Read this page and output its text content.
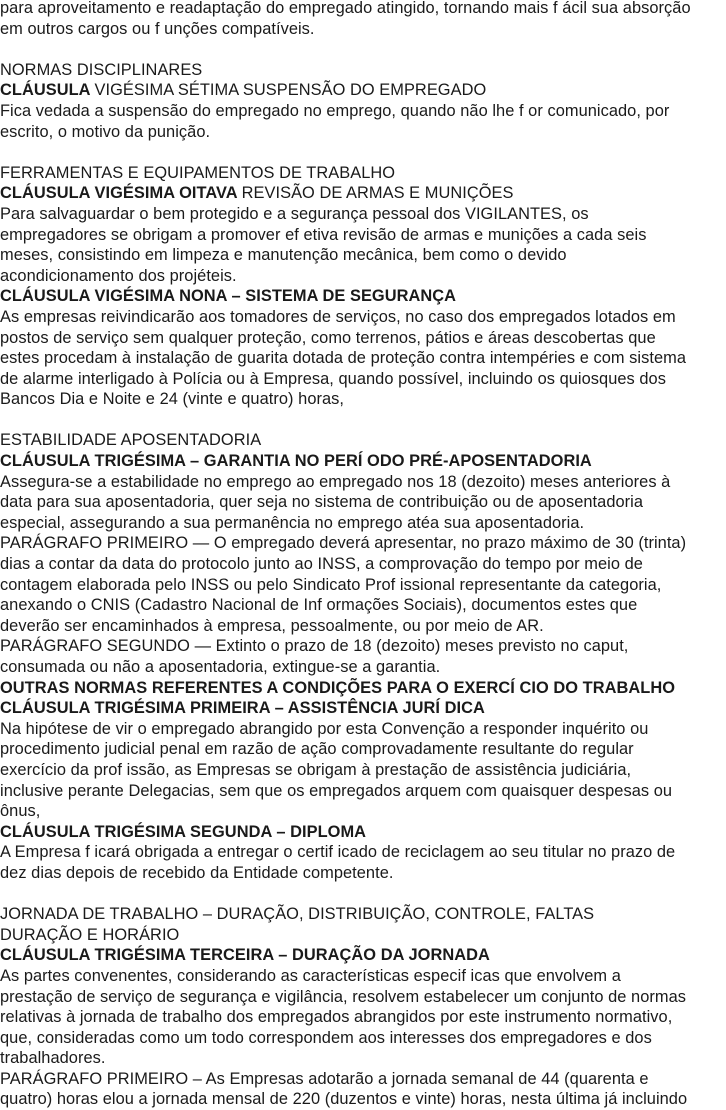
para aproveitamento e readaptação do empregado atingido, tornando mais f ácil sua absorção
em outros cargos ou f unções compatíveis.
NORMAS DISCIPLINARES
CLÁUSULA VIGÉSIMA SÉTIMA SUSPENSÃO DO EMPREGADO
Fica vedada a suspensão do empregado no emprego, quando não lhe f or comunicado, por
escrito, o motivo da punição.
FERRAMENTAS E EQUIPAMENTOS DE TRABALHO
CLÁUSULA VIGÉSIMA OITAVA REVISÃO DE ARMAS E MUNIÇÕES
Para salvaguardar o bem protegido e a segurança pessoal dos VIGILANTES, os
empregadores se obrigam a promover ef etiva revisão de armas e munições a cada seis
meses, consistindo em limpeza e manutenção mecânica, bem como o devido
acondicionamento dos projéteis.
CLÁUSULA VIGÉSIMA NONA – SISTEMA DE SEGURANÇA
As empresas reivindicarão aos tomadores de serviços, no caso dos empregados lotados em
postos de serviço sem qualquer proteção, como terrenos, pátios e áreas descobertas que
estes procedam à instalação de guarita dotada de proteção contra intempéries e com sistema
de alarme interligado à Polícia ou à Empresa, quando possível, incluindo os quiosques dos
Bancos Dia e Noite e 24 (vinte e quatro) horas,
ESTABILIDADE APOSENTADORIA
CLÁUSULA TRIGÉSIMA – GARANTIA NO PERÍ ODO PRÉ-APOSENTADORIA
Assegura-se a estabilidade no emprego ao empregado nos 18 (dezoito) meses anteriores à
data para sua aposentadoria, quer seja no sistema de contribuição ou de aposentadoria
especial, assegurando a sua permanência no emprego atéa sua aposentadoria.
PARÁGRAFO PRIMEIRO — O empregado deverá apresentar, no prazo máximo de 30 (trinta)
dias a contar da data do protocolo junto ao INSS, a comprovação do tempo por meio de
contagem elaborada pelo INSS ou pelo Sindicato Prof issional representante da categoria,
anexando o CNIS (Cadastro Nacional de Inf ormações Sociais), documentos estes que
deverão ser encaminhados à empresa, pessoalmente, ou por meio de AR.
PARÁGRAFO SEGUNDO — Extinto o prazo de 18 (dezoito) meses previsto no caput,
consumada ou não a aposentadoria, extingue-se a garantia.
OUTRAS NORMAS REFERENTES A CONDIÇÕES PARA O EXERCÍ CIO DO TRABALHO
CLÁUSULA TRIGÉSIMA PRIMEIRA – ASSISTÊNCIA JURÍ DICA
Na hipótese de vir o empregado abrangido por esta Convenção a responder inquérito ou
procedimento judicial penal em razão de ação comprovadamente resultante do regular
exercício da prof issão, as Empresas se obrigam à prestação de assistência judiciária,
inclusive perante Delegacias, sem que os empregados arquem com quaisquer despesas ou
ônus,
CLÁUSULA TRIGÉSIMA SEGUNDA – DIPLOMA
A Empresa f icará obrigada a entregar o certif icado de reciclagem ao seu titular no prazo de
dez dias depois de recebido da Entidade competente.
JORNADA DE TRABALHO – DURAÇÃO, DISTRIBUIÇÃO, CONTROLE, FALTAS
DURAÇÃO E HORÁRIO
CLÁUSULA TRIGÉSIMA TERCEIRA – DURAÇÃO DA JORNADA
As partes convenentes, considerando as características especif icas que envolvem a
prestação de serviço de segurança e vigilância, resolvem estabelecer um conjunto de normas
relativas à jornada de trabalho dos empregados abrangidos por este instrumento normativo,
que, consideradas como um todo correspondem aos interesses dos empregadores e dos
trabalhadores.
PARÁGRAFO PRIMEIRO – As Empresas adotarão a jornada semanal de 44 (quarenta e
quatro) horas elou a jornada mensal de 220 (duzentos e vinte) horas, nesta última já incluindo
